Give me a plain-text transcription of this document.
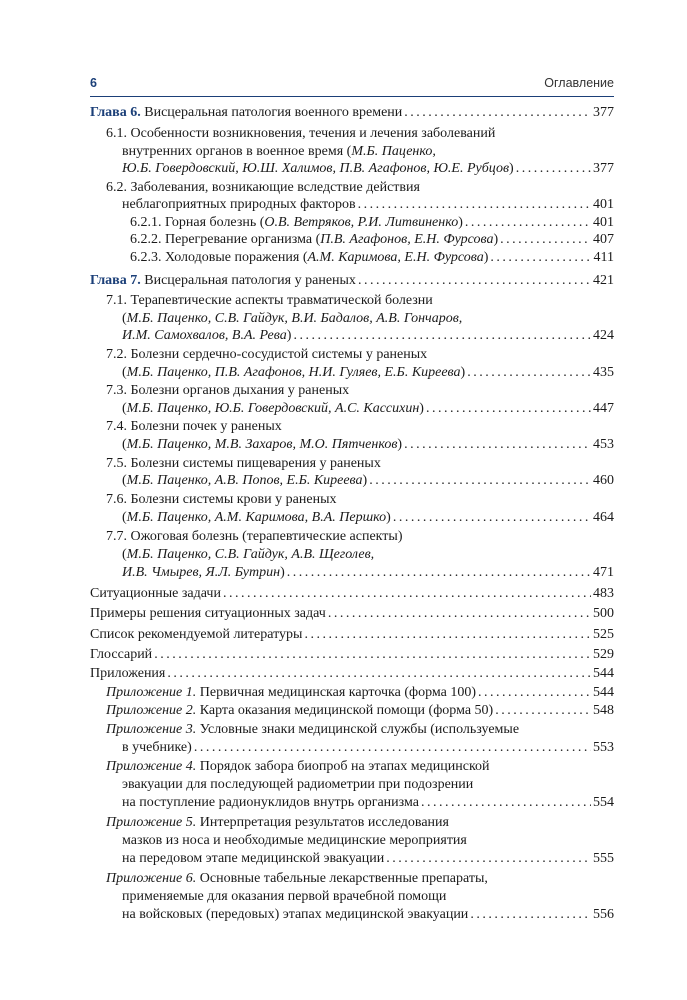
6	Оглавление
Глава 6. Висцеральная патология военного времени .....	377
6.1. Особенности возникновения, течения и лечения заболеваний
внутренних органов в военное время (М.Б. Паценко,
Ю.Б. Говердовский, Ю.Ш. Халимов, П.В. Агафонов, Ю.Е. Рубцов) .....	377
6.2. Заболевания, возникающие вследствие действия
неблагоприятных природных факторов .....	401
6.2.1. Горная болезнь (О.В. Ветряков, Р.И. Литвиненко) .....	401
6.2.2. Перегревание организма (П.В. Агафонов, Е.Н. Фурсова) .....	407
6.2.3. Холодовые поражения (А.М. Каримова, Е.Н. Фурсова) .....	411
Глава 7. Висцеральная патология у раненых .....	421
7.1. Терапевтические аспекты травматической болезни
(М.Б. Паценко, С.В. Гайдук, В.И. Бадалов, А.В. Гончаров,
И.М. Самохвалов, В.А. Рева) .....	424
7.2. Болезни сердечно-сосудистой системы у раненых
(М.Б. Паценко, П.В. Агафонов, Н.И. Гуляев, Е.Б. Киреева) .....	435
7.3. Болезни органов дыхания у раненых
(М.Б. Паценко, Ю.Б. Говердовский, А.С. Кассихин) .....	447
7.4. Болезни почек у раненых
(М.Б. Паценко, М.В. Захаров, М.О. Пятченков) .....	453
7.5. Болезни системы пищеварения у раненых
(М.Б. Паценко, А.В. Попов, Е.Б. Киреева) .....	460
7.6. Болезни системы крови у раненых
(М.Б. Паценко, А.М. Каримова, В.А. Першко) .....	464
7.7. Ожоговая болезнь (терапевтические аспекты)
(М.Б. Паценко, С.В. Гайдук, А.В. Щеголев,
И.В. Чмырев, Я.Л. Бутрин) .....	471
Ситуационные задачи .....	483
Примеры решения ситуационных задач .....	500
Список рекомендуемой литературы .....	525
Глоссарий .....	529
Приложения .....	544
Приложение 1. Первичная медицинская карточка (форма 100) .....	544
Приложение 2. Карта оказания медицинской помощи (форма 50) .....	548
Приложение 3. Условные знаки медицинской службы (используемые
в учебнике) .....	553
Приложение 4. Порядок забора биопроб на этапах медицинской
эвакуации для последующей радиометрии при подозрении
на поступление радионуклидов внутрь организма .....	554
Приложение 5. Интерпретация результатов исследования
мазков из носа и необходимые медицинские мероприятия
на передовом этапе медицинской эвакуации .....	555
Приложение 6. Основные табельные лекарственные препараты,
применяемые для оказания первой врачебной помощи
на войсковых (передовых) этапах медицинской эвакуации .....	556
